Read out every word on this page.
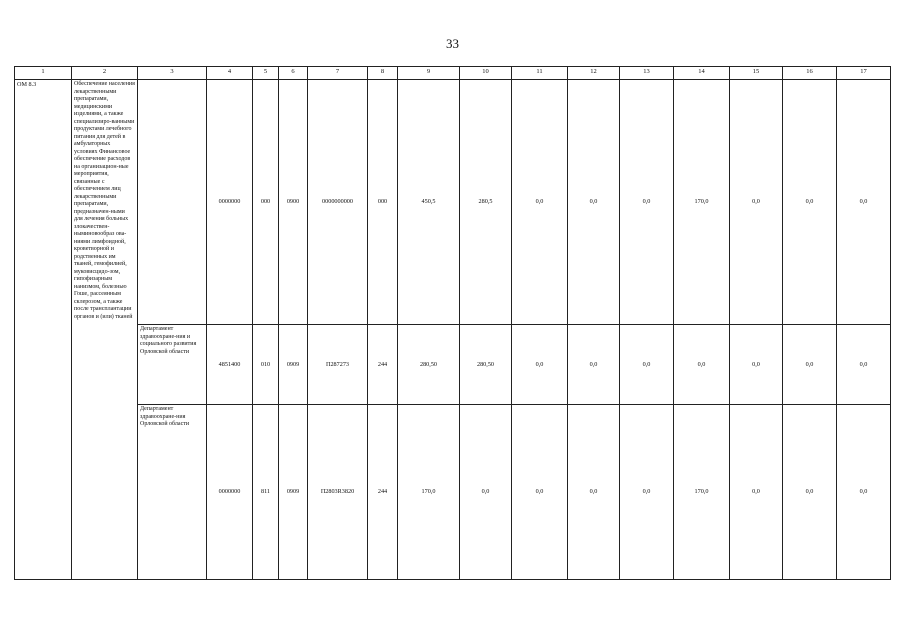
33
1	2	3	4	5	6	7	8	9	10	11	12	13	14	15	16	17
ОМ 8.3	Обеспечение населения лекарственными препаратами, медицинскими изделиями, а также специализиро-ванными продуктами лечебного питания для детей в амбулаторных условиях Финансовое обеспечение расходов на организацион-ные мероприятия, связанные с обеспечением лиц лекарственными препаратами, предназначен-ными для лечения больных злокачествен-ныминовообраз ова-ниями лимфоидной, кроветворной и родственных им тканей, гемофилией, муковисцидо-зом, гипофизарным нанизмом, болезнью Гоше, рассеянным склерозом, а также после трансплантации органов и (или) тканей		0000000	000	0900	0000000000	000	450,5	280,5	0,0	0,0	0,0	170,0	0,0	0,0	0,0
		Департамент здравоохране-ния и социального развития Орловской области	4851400	010	0909	П287273	244	280,50	280,50	0,0	0,0	0,0	0,0	0,0	0,0	0,0
		Департамент здравоохране-ния Орловской области	0000000	811	0909	П2803R3820	244	170,0	0,0	0,0	0,0	0,0	170,0	0,0	0,0	0,0
